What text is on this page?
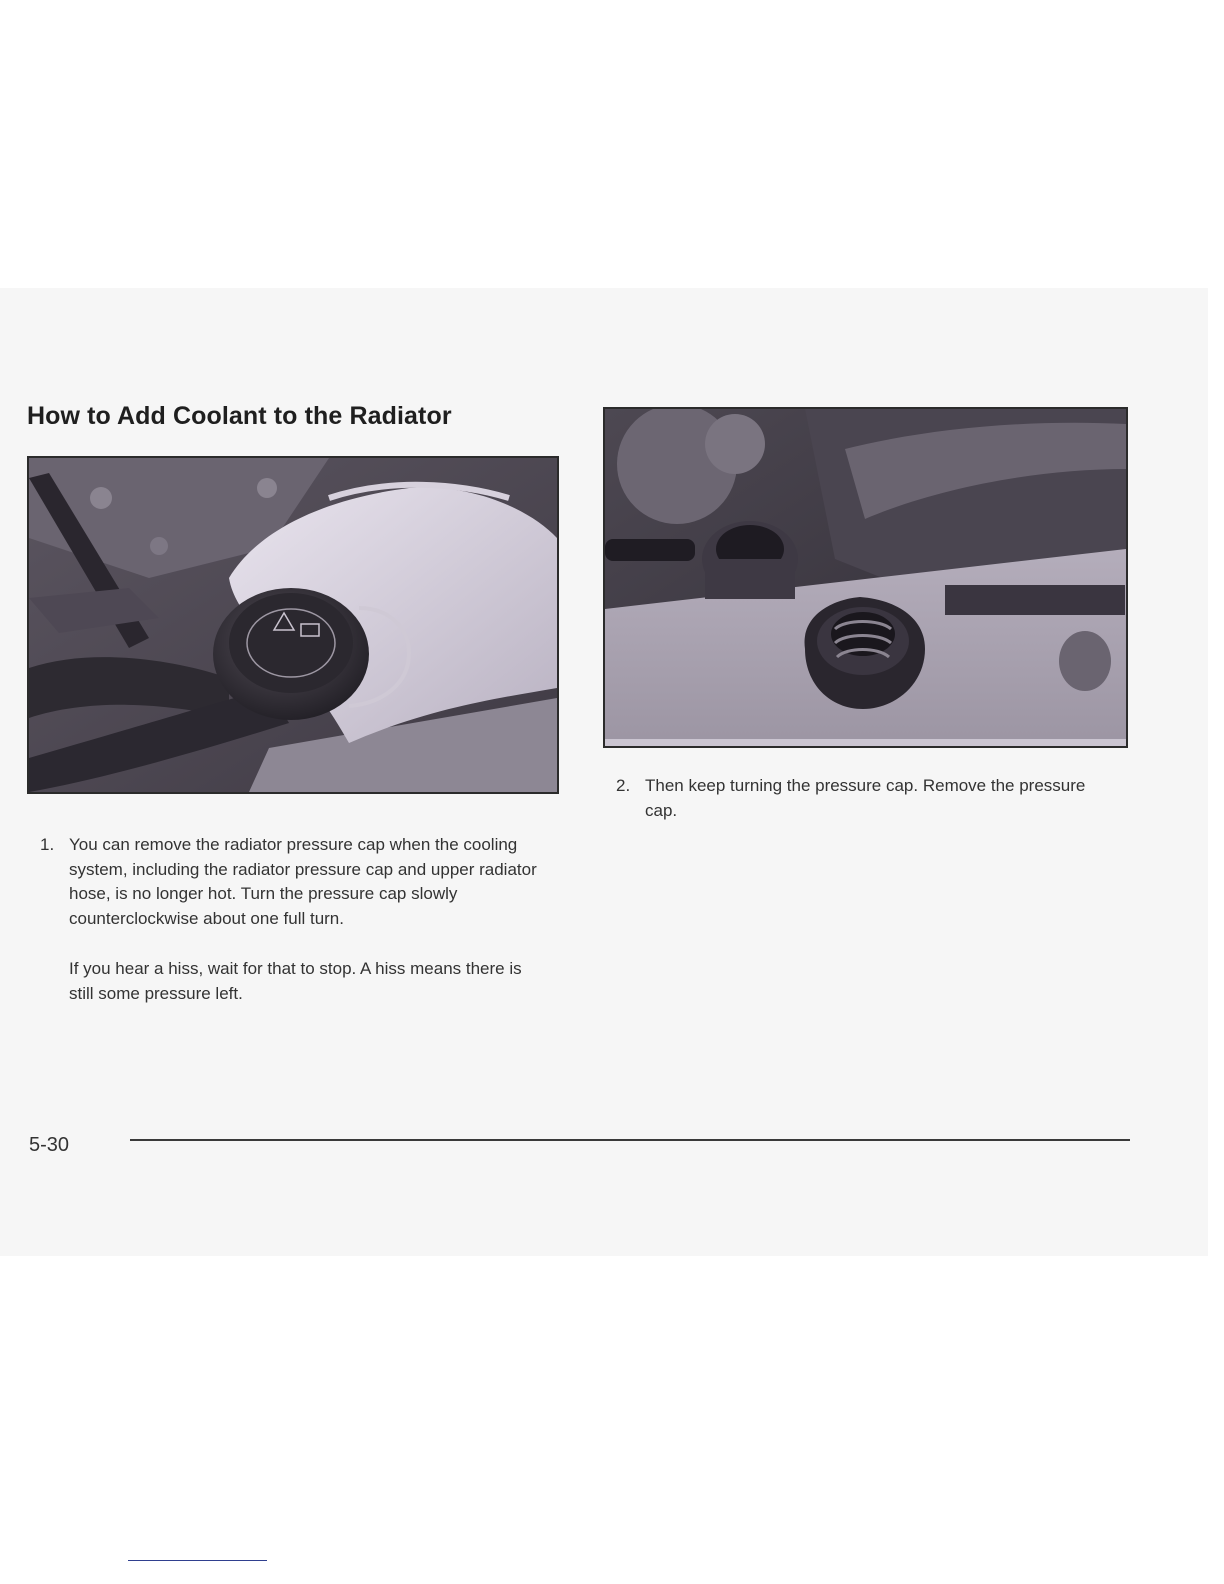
How to Add Coolant to the Radiator
1. You can remove the radiator pressure cap when the cooling system, including the radiator pressure cap and upper radiator hose, is no longer hot. Turn the pressure cap slowly counterclockwise about one full turn.

If you hear a hiss, wait for that to stop. A hiss means there is still some pressure left.

2. Then keep turning the pressure cap. Remove the pressure cap.

5-30
